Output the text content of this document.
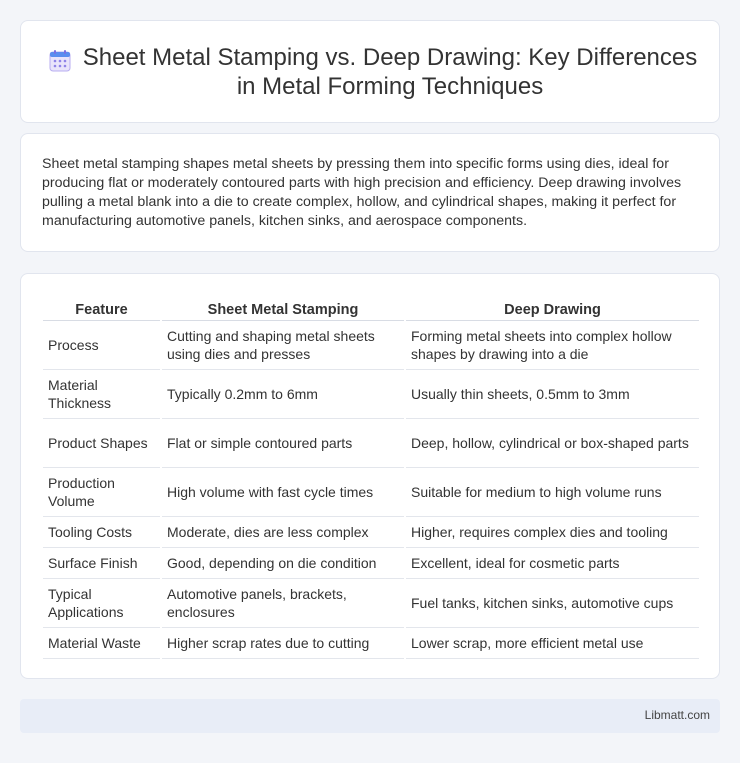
Sheet Metal Stamping vs. Deep Drawing: Key Differences in Metal Forming Techniques

Sheet metal stamping shapes metal sheets by pressing them into specific forms using dies, ideal for producing flat or moderately contoured parts with high precision and efficiency. Deep drawing involves pulling a metal blank into a die to create complex, hollow, and cylindrical shapes, making it perfect for manufacturing automotive panels, kitchen sinks, and aerospace components.

Feature	Sheet Metal Stamping	Deep Drawing
Process	Cutting and shaping metal sheets using dies and presses	Forming metal sheets into complex hollow shapes by drawing into a die
Material Thickness	Typically 0.2mm to 6mm	Usually thin sheets, 0.5mm to 3mm
Product Shapes	Flat or simple contoured parts	Deep, hollow, cylindrical or box-shaped parts
Production Volume	High volume with fast cycle times	Suitable for medium to high volume runs
Tooling Costs	Moderate, dies are less complex	Higher, requires complex dies and tooling
Surface Finish	Good, depending on die condition	Excellent, ideal for cosmetic parts
Typical Applications	Automotive panels, brackets, enclosures	Fuel tanks, kitchen sinks, automotive cups
Material Waste	Higher scrap rates due to cutting	Lower scrap, more efficient metal use
Libmatt.com
